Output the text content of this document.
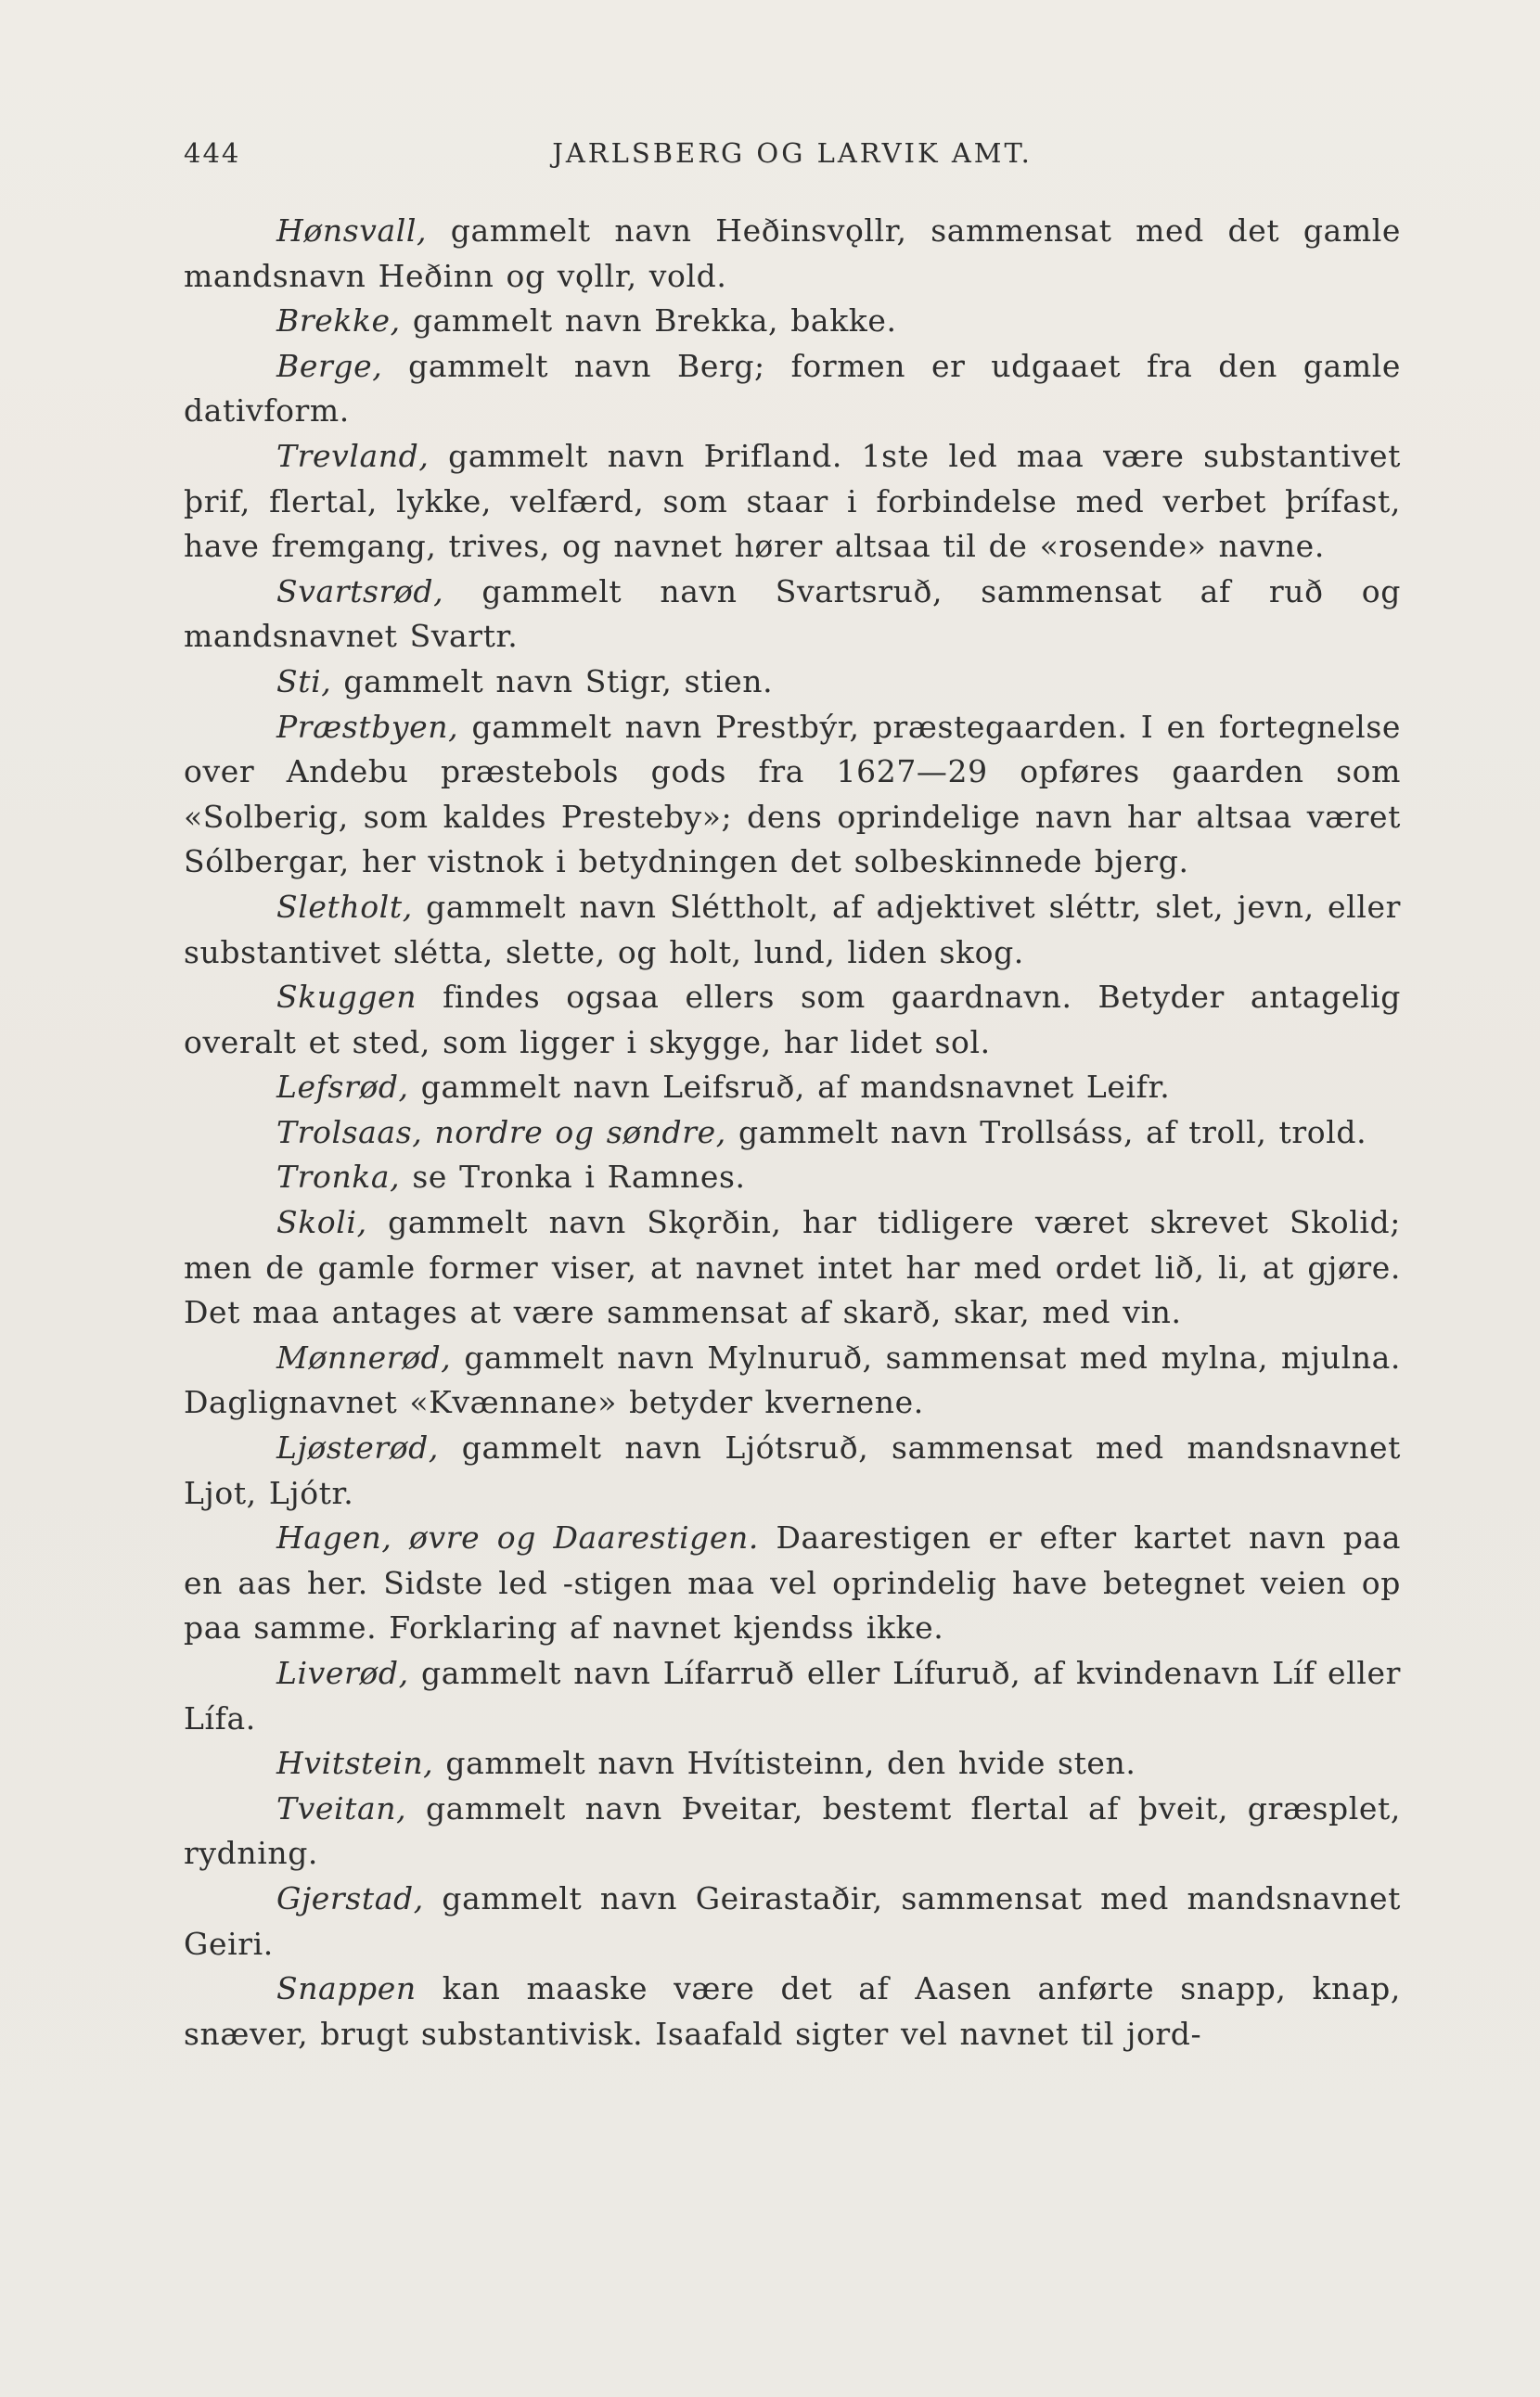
444	JARLSBERG OG LARVIK AMT.

Hønsvall, gammelt navn Heðinsvǫllr, sammensat med det gamle mandsnavn Heðinn og vǫllr, vold.

Brekke, gammelt navn Brekka, bakke.

Berge, gammelt navn Berg; formen er udgaaet fra den gamle dativform.

Trevland, gammelt navn Þrifland. 1ste led maa være substantivet þrif, flertal, lykke, velfærd, som staar i forbindelse med verbet þrífast, have fremgang, trives, og navnet hører altsaa til de «rosende» navne.

Svartsrød, gammelt navn Svartsruð, sammensat af ruð og mandsnavnet Svartr.

Sti, gammelt navn Stigr, stien.

Præstbyen, gammelt navn Prestbýr, præstegaarden. I en fortegnelse over Andebu præstebols gods fra 1627—29 opføres gaarden som «Solberig, som kaldes Presteby»; dens oprindelige navn har altsaa været Sólbergar, her vistnok i betydningen det solbeskinnede bjerg.

Sletholt, gammelt navn Sléttholt, af adjektivet sléttr, slet, jevn, eller substantivet slétta, slette, og holt, lund, liden skog.

Skuggen findes ogsaa ellers som gaardnavn. Betyder antagelig overalt et sted, som ligger i skygge, har lidet sol.

Lefsrød, gammelt navn Leifsruð, af mandsnavnet Leifr.

Trolsaas, nordre og søndre, gammelt navn Trollsáss, af troll, trold.

Tronka, se Tronka i Ramnes.

Skoli, gammelt navn Skǫrðin, har tidligere været skrevet Skolid; men de gamle former viser, at navnet intet har med ordet lið, li, at gjøre. Det maa antages at være sammensat af skarð, skar, med vin.

Mønnerød, gammelt navn Mylnuruð, sammensat med mylna, mjulna. Daglignavnet «Kvænnane» betyder kvernene.

Ljøsterød, gammelt navn Ljótsruð, sammensat med mandsnavnet Ljot, Ljótr.

Hagen, øvre og Daarestigen. Daarestigen er efter kartet navn paa en aas her. Sidste led -stigen maa vel oprindelig have betegnet veien op paa samme. Forklaring af navnet kjendss ikke.

Liverød, gammelt navn Lífarruð eller Lífuruð, af kvindenavn Líf eller Lífa.

Hvitstein, gammelt navn Hvítisteinn, den hvide sten.

Tveitan, gammelt navn Þveitar, bestemt flertal af þveit, græsplet, rydning.

Gjerstad, gammelt navn Geirastaðir, sammensat med mandsnavnet Geiri.

Snappen kan maaske være det af Aasen anførte snapp, knap, snæver, brugt substantivisk. Isaafald sigter vel navnet til jord-
